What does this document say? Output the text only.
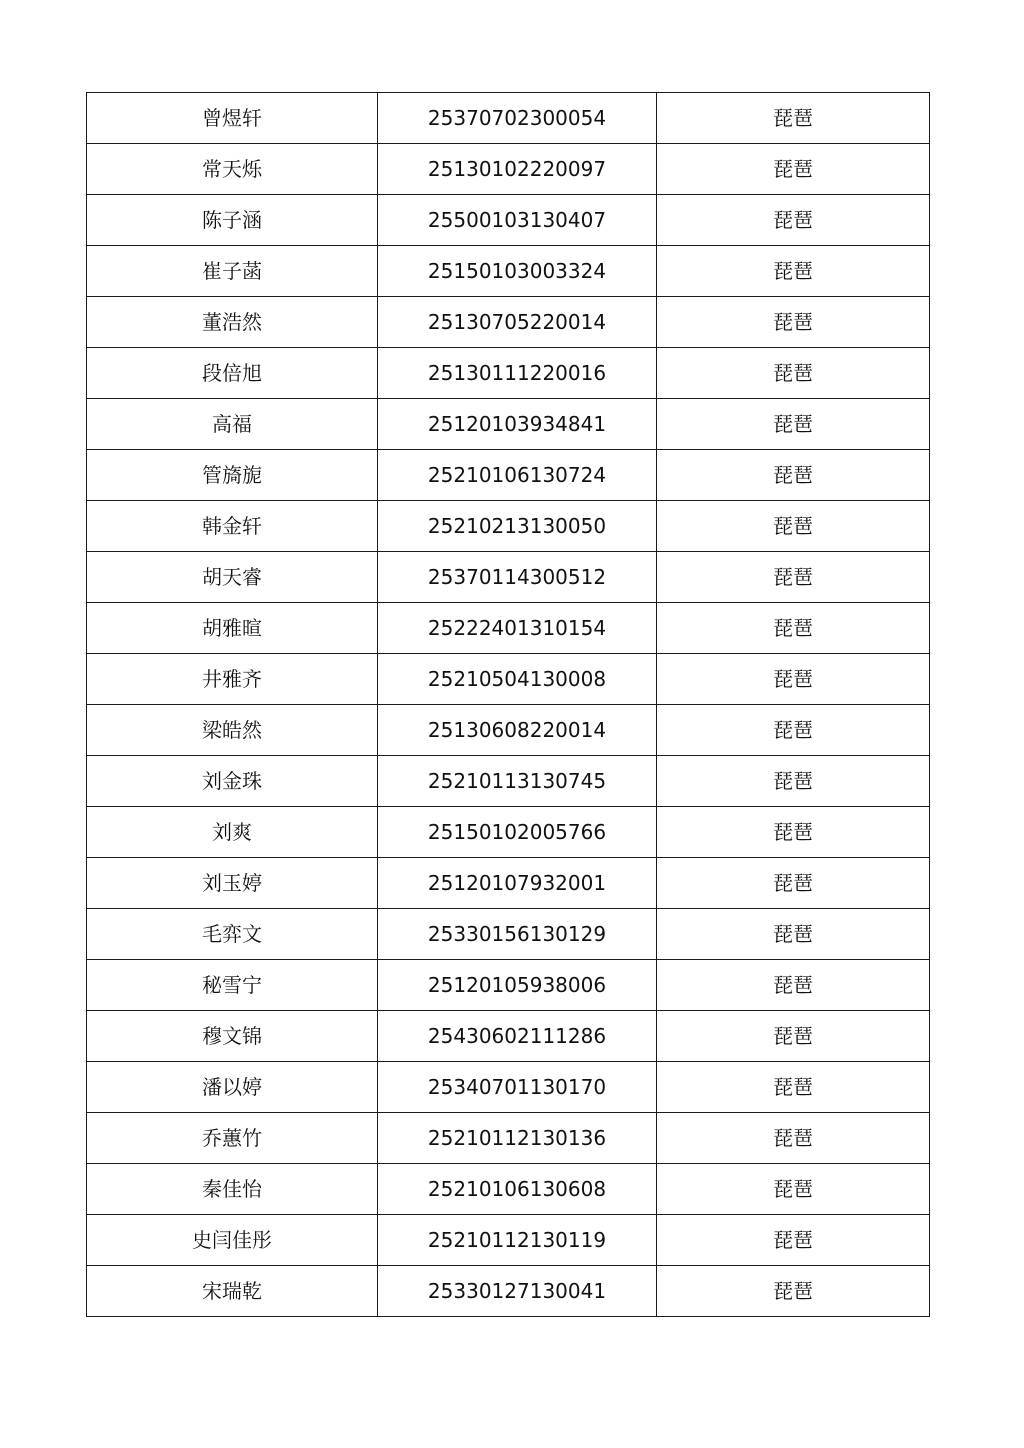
曾煜轩	25370702300054	琵琶
常天烁	25130102220097	琵琶
陈子涵	25500103130407	琵琶
崔子菡	25150103003324	琵琶
董浩然	25130705220014	琵琶
段倍旭	25130111220016	琵琶
高福	25120103934841	琵琶
管旖旎	25210106130724	琵琶
韩金轩	25210213130050	琵琶
胡天睿	25370114300512	琵琶
胡雅暄	25222401310154	琵琶
井雅齐	25210504130008	琵琶
梁皓然	25130608220014	琵琶
刘金珠	25210113130745	琵琶
刘爽	25150102005766	琵琶
刘玉婷	25120107932001	琵琶
毛弈文	25330156130129	琵琶
秘雪宁	25120105938006	琵琶
穆文锦	25430602111286	琵琶
潘以婷	25340701130170	琵琶
乔蕙竹	25210112130136	琵琶
秦佳怡	25210106130608	琵琶
史闫佳彤	25210112130119	琵琶
宋瑞乾	25330127130041	琵琶
